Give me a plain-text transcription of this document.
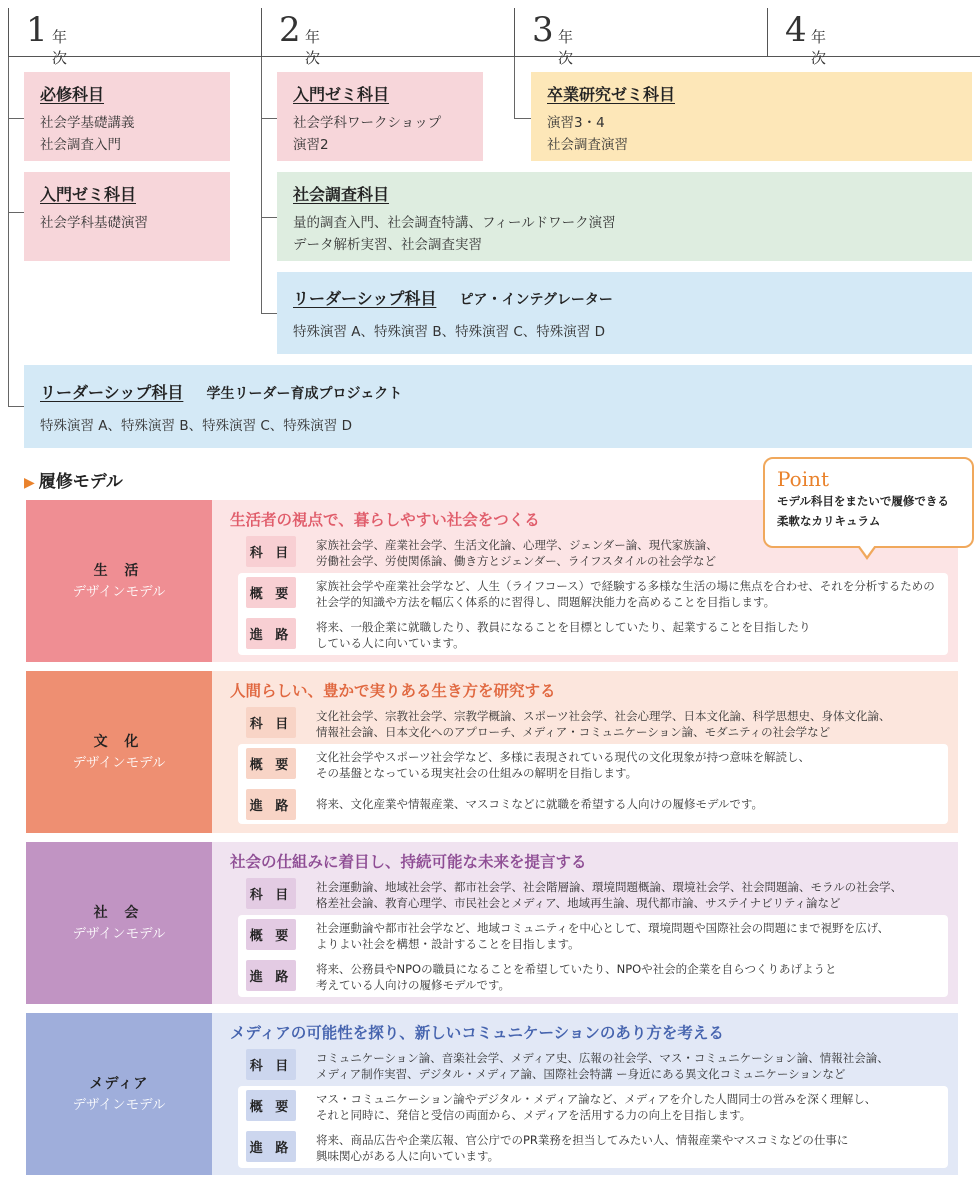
1 年次
2 年次
3 年次
4 年次
必修科目
社会学基礎講義
社会調査入門
入門ゼミ科目
社会学科基礎演習
入門ゼミ科目
社会学科ワークショップ
演習2
卒業研究ゼミ科目
演習3・4
社会調査演習
社会調査科目
量的調査入門、社会調査特講、フィールドワーク演習
データ解析実習、社会調査実習
リーダーシップ科目 ピア・インテグレーター
特殊演習 A、特殊演習 B、特殊演習 C、特殊演習 D
リーダーシップ科目 学生リーダー育成プロジェクト
特殊演習 A、特殊演習 B、特殊演習 C、特殊演習 D
▶ 履修モデル
生 活
デザインモデル
生活者の視点で、暮らしやすい社会をつくる
科 目
家族社会学、産業社会学、生活文化論、心理学、ジェンダー論、現代家族論、
労働社会学、労使関係論、働き方とジェンダー、ライフスタイルの社会学など
概 要
家族社会学や産業社会学など、人生（ライフコース）で経験する多様な生活の場に焦点を合わせ、それを分析するための
社会学的知識や方法を幅広く体系的に習得し、問題解決能力を高めることを目指します。
進 路
将来、一般企業に就職したり、教員になることを目標としていたり、起業することを目指したり
している人に向いています。
文 化
デザインモデル
人間らしい、豊かで実りある生き方を研究する
科 目
文化社会学、宗教社会学、宗教学概論、スポーツ社会学、社会心理学、日本文化論、科学思想史、身体文化論、
情報社会論、日本文化へのアプローチ、メディア・コミュニケーション論、モダニティの社会学など
概 要
文化社会学やスポーツ社会学など、多様に表現されている現代の文化現象が持つ意味を解読し、
その基盤となっている現実社会の仕組みの解明を目指します。
進 路	将来、文化産業や情報産業、マスコミなどに就職を希望する人向けの履修モデルです。
社 会
デザインモデル
社会の仕組みに着目し、持続可能な未来を提言する
科 目
社会運動論、地域社会学、都市社会学、社会階層論、環境問題概論、環境社会学、社会問題論、モラルの社会学、
格差社会論、教育心理学、市民社会とメディア、地域再生論、現代都市論、サステイナビリティ論など
概 要
社会運動論や都市社会学など、地域コミュニティを中心として、環境問題や国際社会の問題にまで視野を広げ、
よりよい社会を構想・設計することを目指します。
進 路
将来、公務員やNPOの職員になることを希望していたり、NPOや社会的企業を自らつくりあげようと
考えている人向けの履修モデルです。
メディア
デザインモデル
メディアの可能性を探り、新しいコミュニケーションのあり方を考える
科 目
コミュニケーション論、音楽社会学、メディア史、広報の社会学、マス・コミュニケーション論、情報社会論、
メディア制作実習、デジタル・メディア論、国際社会特講 ー身近にある異文化コミュニケーションなど
概 要
マス・コミュニケーション論やデジタル・メディア論など、メディアを介した人間同士の営みを深く理解し、
それと同時に、発信と受信の両面から、メディアを活用する力の向上を目指します。
進 路
将来、商品広告や企業広報、官公庁でのPR業務を担当してみたい人、情報産業やマスコミなどの仕事に
興味関心がある人に向いています。
Point
モデル科目をまたいで履修できる
柔軟なカリキュラム
